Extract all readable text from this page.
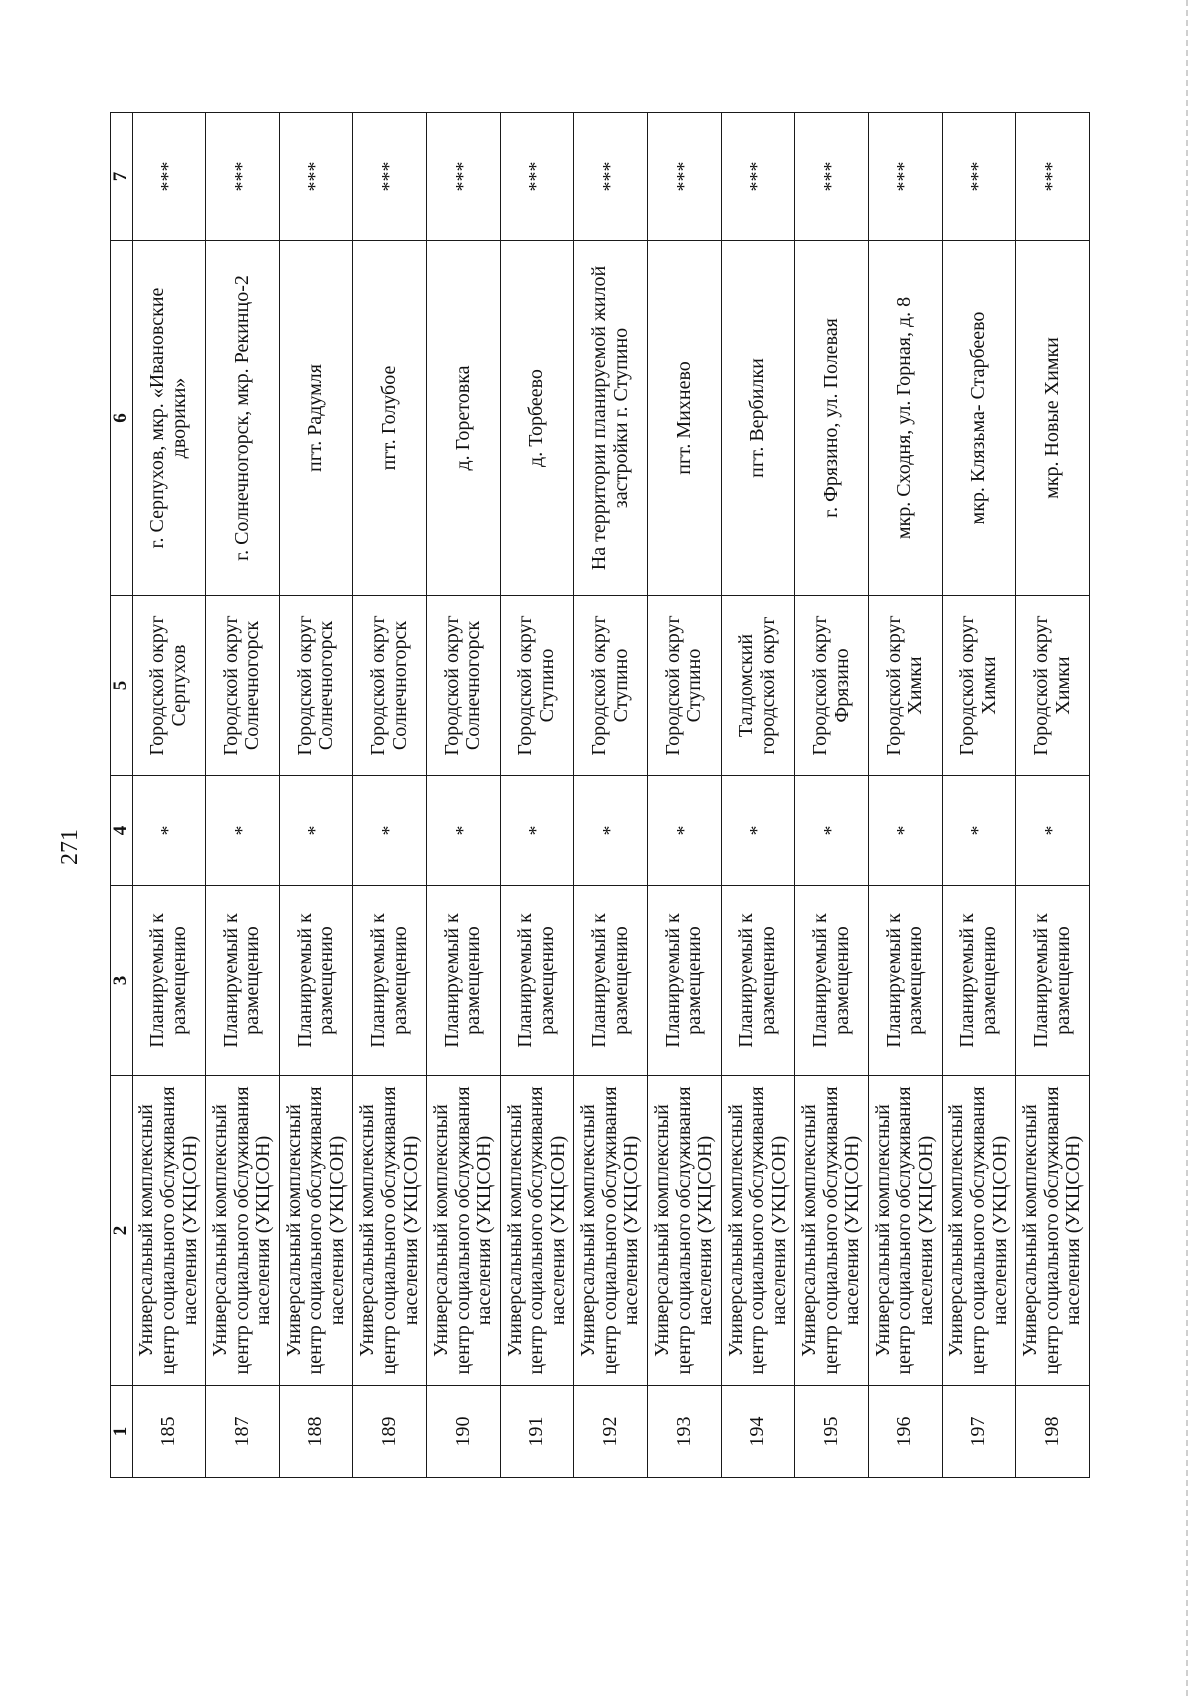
271
1	2	3	4	5	6	7
185	Универсальный комплексный центр социального обслуживания населения (УКЦСОН)	Планируемый к размещению	*	Городской округ Серпухов	г. Серпухов, мкр. «Ивановские дворики»	***
187	Универсальный комплексный центр социального обслуживания населения (УКЦСОН)	Планируемый к размещению	*	Городской округ Солнечногорск	г. Солнечногорск, мкр. Рекинцо-2	***
188	Универсальный комплексный центр социального обслуживания населения (УКЦСОН)	Планируемый к размещению	*	Городской округ Солнечногорск	пгт. Радумля	***
189	Универсальный комплексный центр социального обслуживания населения (УКЦСОН)	Планируемый к размещению	*	Городской округ Солнечногорск	пгт. Голубое	***
190	Универсальный комплексный центр социального обслуживания населения (УКЦСОН)	Планируемый к размещению	*	Городской округ Солнечногорск	д. Горетовка	***
191	Универсальный комплексный центр социального обслуживания населения (УКЦСОН)	Планируемый к размещению	*	Городской округ Ступино	д. Торбеево	***
192	Универсальный комплексный центр социального обслуживания населения (УКЦСОН)	Планируемый к размещению	*	Городской округ Ступино	На территории планируемой жилой застройки г. Ступино	***
193	Универсальный комплексный центр социального обслуживания населения (УКЦСОН)	Планируемый к размещению	*	Городской округ Ступино	пгт. Михнево	***
194	Универсальный комплексный центр социального обслуживания населения (УКЦСОН)	Планируемый к размещению	*	Талдомский городской округ	пгт. Вербилки	***
195	Универсальный комплексный центр социального обслуживания населения (УКЦСОН)	Планируемый к размещению	*	Городской округ Фрязино	г. Фрязино, ул. Полевая	***
196	Универсальный комплексный центр социального обслуживания населения (УКЦСОН)	Планируемый к размещению	*	Городской округ Химки	мкр. Сходня, ул. Горная, д. 8	***
197	Универсальный комплексный центр социального обслуживания населения (УКЦСОН)	Планируемый к размещению	*	Городской округ Химки	мкр. Клязьма- Старбеево	***
198	Универсальный комплексный центр социального обслуживания населения (УКЦСОН)	Планируемый к размещению	*	Городской округ Химки	мкр. Новые Химки	***
